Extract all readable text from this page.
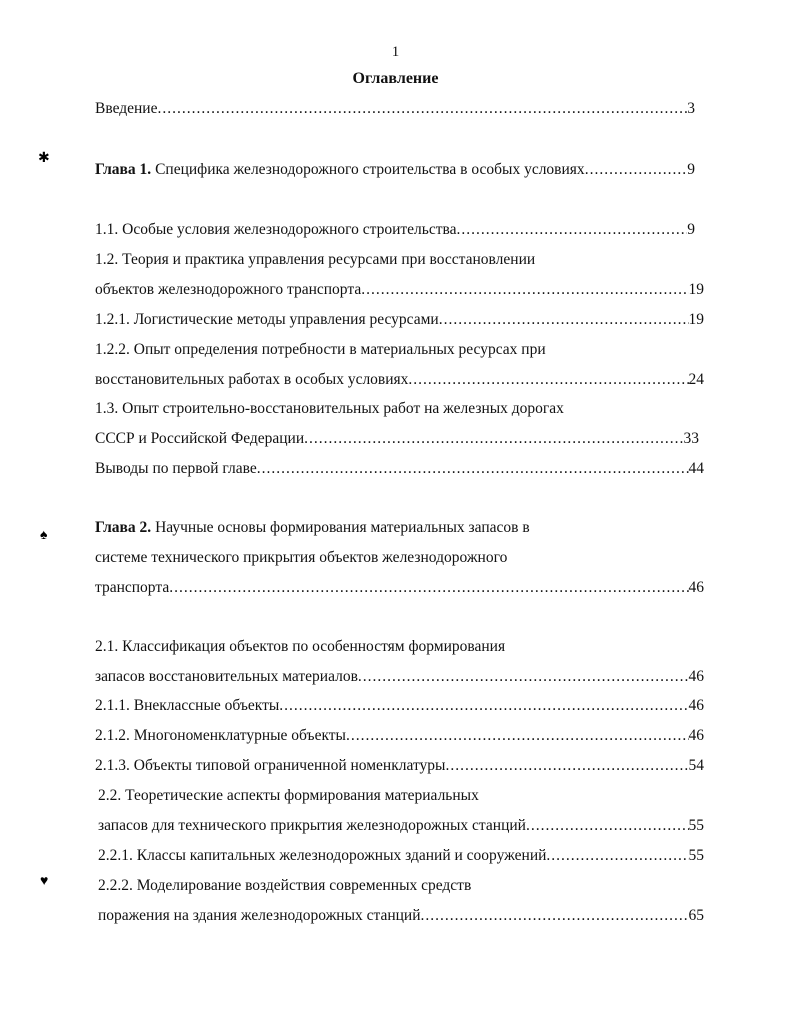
1
Оглавление
✱
♠
♥
Введение .....	3
Глава 1. Специфика железнодорожного строительства в особых условиях .....	9
1.1. Особые условия железнодорожного строительства .....	9
1.2. Теория и практика управления ресурсами при восстановлении
объектов железнодорожного транспорта .....	19
1.2.1. Логистические методы управления ресурсами .....	19
1.2.2. Опыт определения потребности в материальных ресурсах при
восстановительных работах в особых условиях .....	24
1.3. Опыт строительно-восстановительных работ на железных дорогах
СССР и Российской Федерации .....	33
Выводы по первой главе .....	44
Глава 2. Научные основы формирования материальных запасов в
системе технического прикрытия объектов железнодорожного
транспорта .....	46
2.1. Классификация объектов по особенностям формирования
запасов восстановительных материалов .....	46
2.1.1. Внеклассные объекты .....	46
2.1.2. Многономенклатурные объекты .....	46
2.1.3. Объекты типовой ограниченной номенклатуры .....	54
2.2. Теоретические аспекты формирования материальных
запасов для технического прикрытия железнодорожных станций .....	55
2.2.1. Классы капитальных железнодорожных зданий и сооружений .....	55
2.2.2. Моделирование воздействия современных средств
поражения на здания железнодорожных станций .....	65
